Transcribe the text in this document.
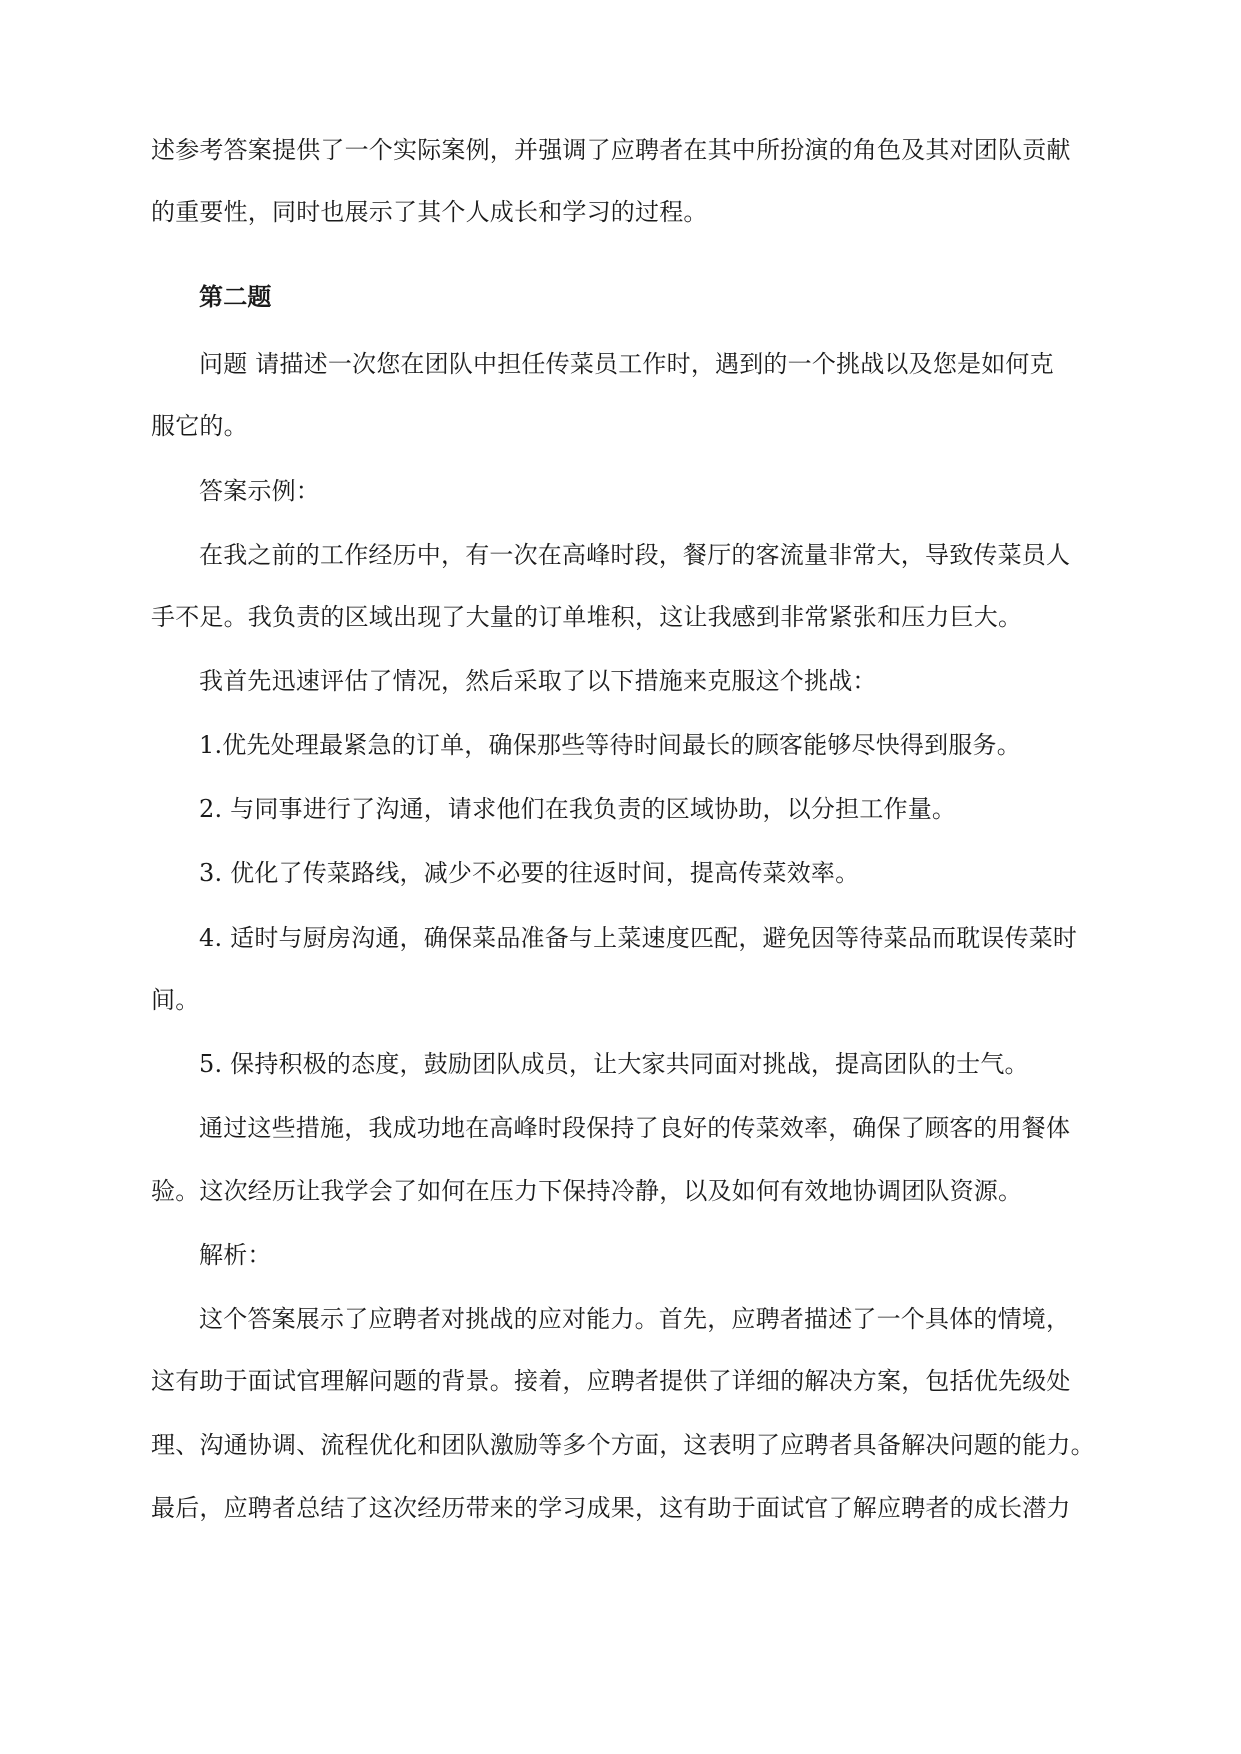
述参考答案提供了一个实际案例，并强调了应聘者在其中所扮演的角色及其对团队贡献
的重要性，同时也展示了其个人成长和学习的过程。
第二题
问题 请描述一次您在团队中担任传菜员工作时，遇到的一个挑战以及您是如何克
服它的。
答案示例：
在我之前的工作经历中，有一次在高峰时段，餐厅的客流量非常大，导致传菜员人
手不足。我负责的区域出现了大量的订单堆积，这让我感到非常紧张和压力巨大。
我首先迅速评估了情况，然后采取了以下措施来克服这个挑战：
1.优先处理最紧急的订单，确保那些等待时间最长的顾客能够尽快得到服务。
2. 与同事进行了沟通，请求他们在我负责的区域协助，以分担工作量。
3. 优化了传菜路线，减少不必要的往返时间，提高传菜效率。
4. 适时与厨房沟通，确保菜品准备与上菜速度匹配，避免因等待菜品而耽误传菜时
间。
5. 保持积极的态度，鼓励团队成员，让大家共同面对挑战，提高团队的士气。
通过这些措施，我成功地在高峰时段保持了良好的传菜效率，确保了顾客的用餐体
验。这次经历让我学会了如何在压力下保持冷静，以及如何有效地协调团队资源。
解析：
这个答案展示了应聘者对挑战的应对能力。首先，应聘者描述了一个具体的情境，
这有助于面试官理解问题的背景。接着，应聘者提供了详细的解决方案，包括优先级处
理、沟通协调、流程优化和团队激励等多个方面，这表明了应聘者具备解决问题的能力。
最后，应聘者总结了这次经历带来的学习成果，这有助于面试官了解应聘者的成长潜力
